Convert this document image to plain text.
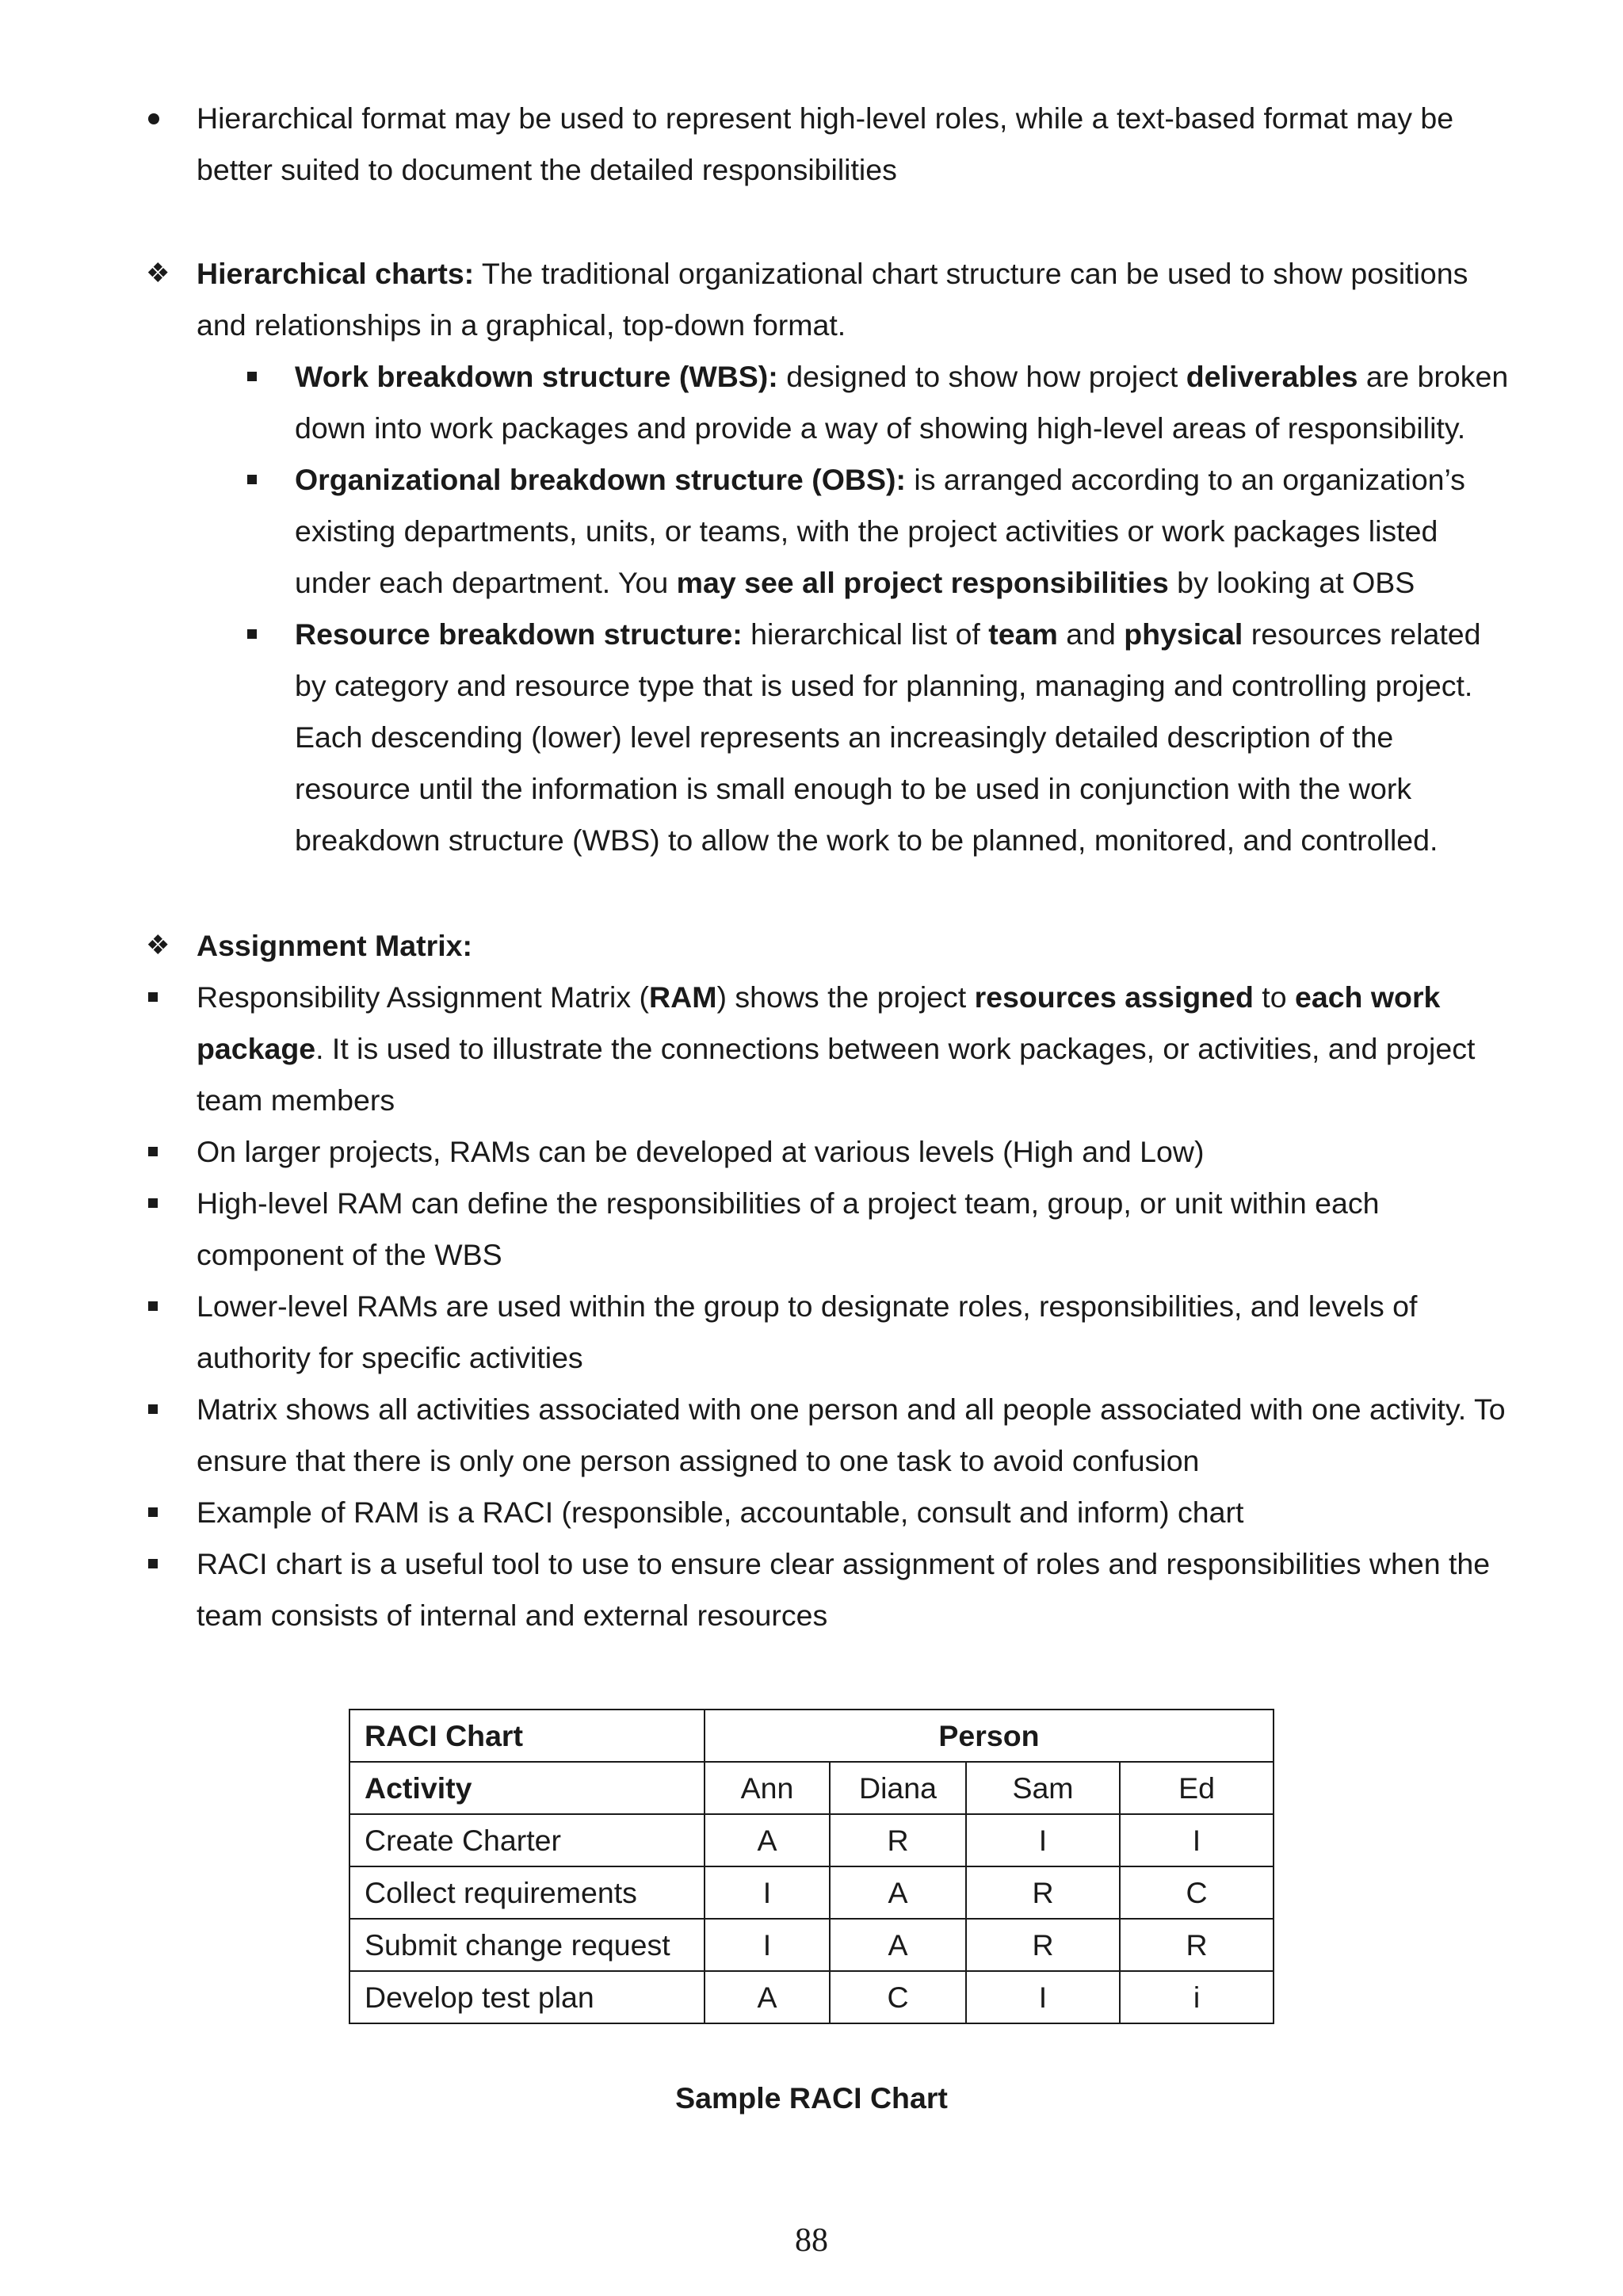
Hierarchical format may be used to represent high-level roles, while a text-based format may be
better suited to document the detailed responsibilities
❖ Hierarchical charts: The traditional organizational chart structure can be used to show positions
and relationships in a graphical, top-down format.
Work breakdown structure (WBS): designed to show how project deliverables are broken
down into work packages and provide a way of showing high-level areas of responsibility.
Organizational breakdown structure (OBS): is arranged according to an organization’s
existing departments, units, or teams, with the project activities or work packages listed
under each department. You may see all project responsibilities by looking at OBS
Resource breakdown structure: hierarchical list of team and physical resources related
by category and resource type that is used for planning, managing and controlling project.
Each descending (lower) level represents an increasingly detailed description of the
resource until the information is small enough to be used in conjunction with the work
breakdown structure (WBS) to allow the work to be planned, monitored, and controlled.
❖ Assignment Matrix:
Responsibility Assignment Matrix (RAM) shows the project resources assigned to each work
package. It is used to illustrate the connections between work packages, or activities, and project
team members
On larger projects, RAMs can be developed at various levels (High and Low)
High-level RAM can define the responsibilities of a project team, group, or unit within each
component of the WBS
Lower-level RAMs are used within the group to designate roles, responsibilities, and levels of
authority for specific activities
Matrix shows all activities associated with one person and all people associated with one activity. To
ensure that there is only one person assigned to one task to avoid confusion
Example of RAM is a RACI (responsible, accountable, consult and inform) chart
RACI chart is a useful tool to use to ensure clear assignment of roles and responsibilities when the
team consists of internal and external resources
RACI Chart	Person			
Activity	Ann	Diana	Sam	Ed
Create Charter	A	R	I	I
Collect requirements	I	A	R	C
Submit change request	I	A	R	R
Develop test plan	A	C	I	i
Sample RACI Chart
88
